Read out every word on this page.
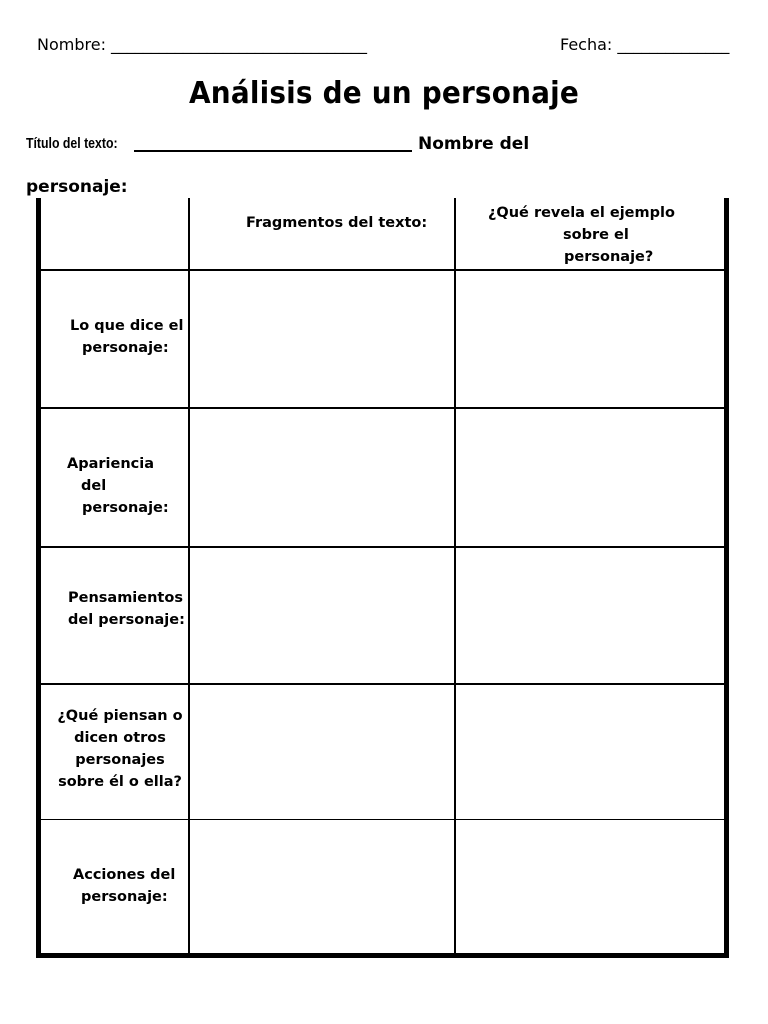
Nombre: ________________________________	Fecha: ______________
Análisis de un personaje
Título del texto:	Nombre del
personaje:
Fragmentos del texto:
¿Qué revela el ejemplo
sobre el
personaje?
Lo que dice el
personaje:
Apariencia
del
personaje:
Pensamientos
del personaje:
¿Qué piensan o
dicen otros
personajes
sobre él o ella?
Acciones del
personaje:
